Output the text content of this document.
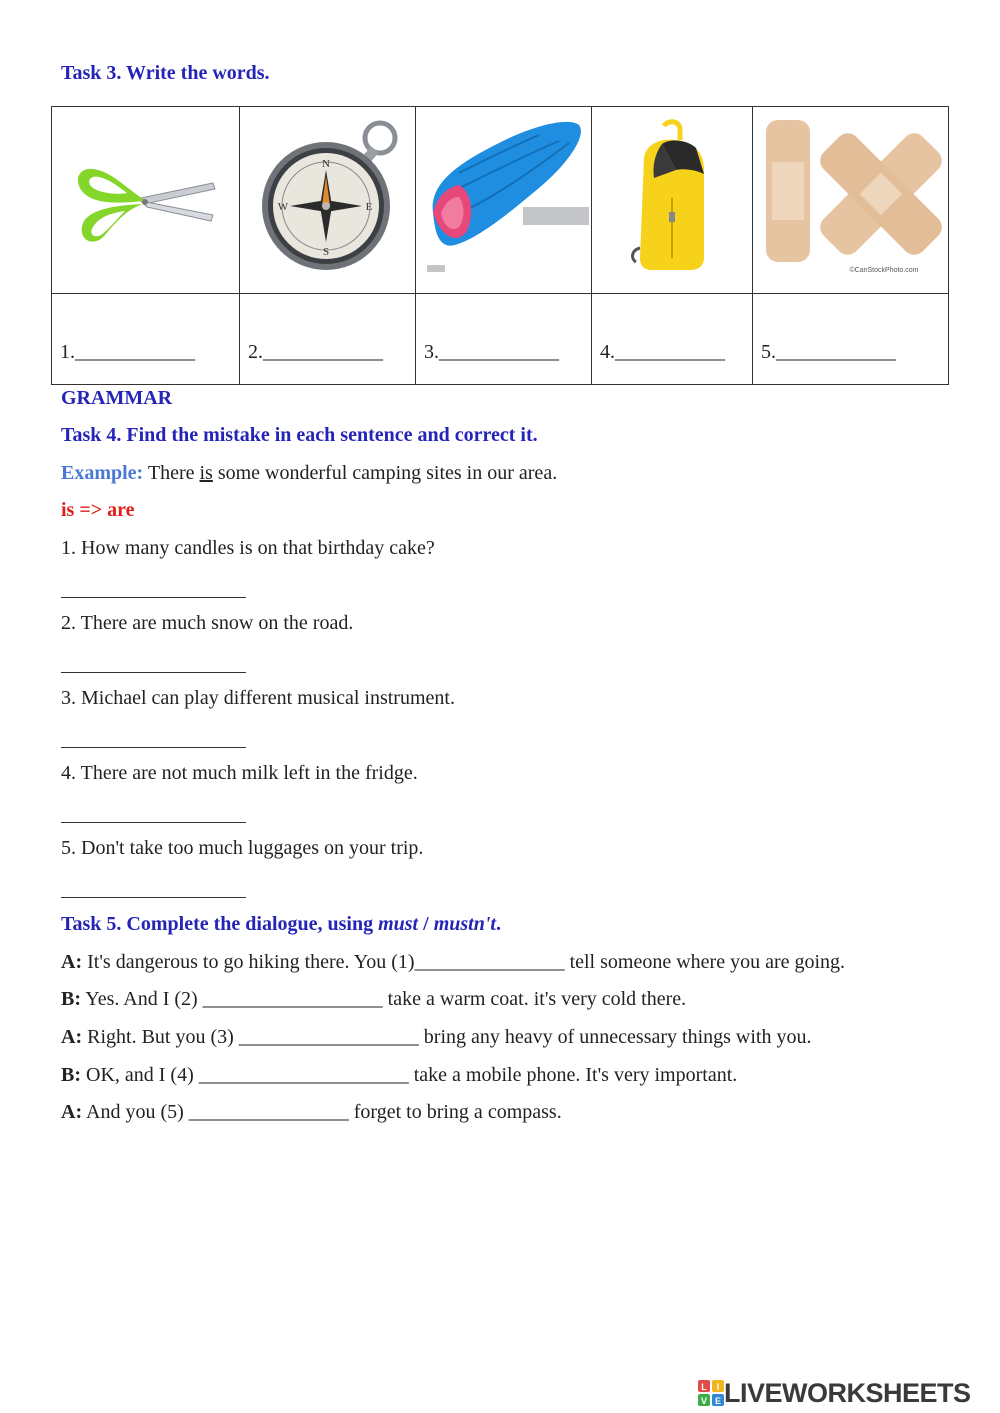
Task 3. Write the words.

N
S
W E			©CanStockPhoto.com

1.____________	2.____________	3.____________	4.___________	5.____________
GRAMMAR
Task 4. Find the mistake in each sentence and correct it.
Example: There is some wonderful camping sites in our area.
is => are
1. How many candles is on that birthday cake?
2. There are much snow on the road.
3. Michael can play different musical instrument.
4. There are not much milk left in the fridge.
5. Don't take too much luggages on your trip.
Task 5. Complete the dialogue, using must / mustn't.
A: It's dangerous to go hiking there. You (1)_______________ tell someone where you are going.
B: Yes. And I (2) __________________ take a warm coat. it's very cold there.
A: Right. But you (3) __________________ bring any heavy of unnecessary things with you.
B: OK, and I (4) _____________________ take a mobile phone. It's very important.
A: And you (5) ________________ forget to bring a compass.
L I
V E LIVEWORKSHEETS
